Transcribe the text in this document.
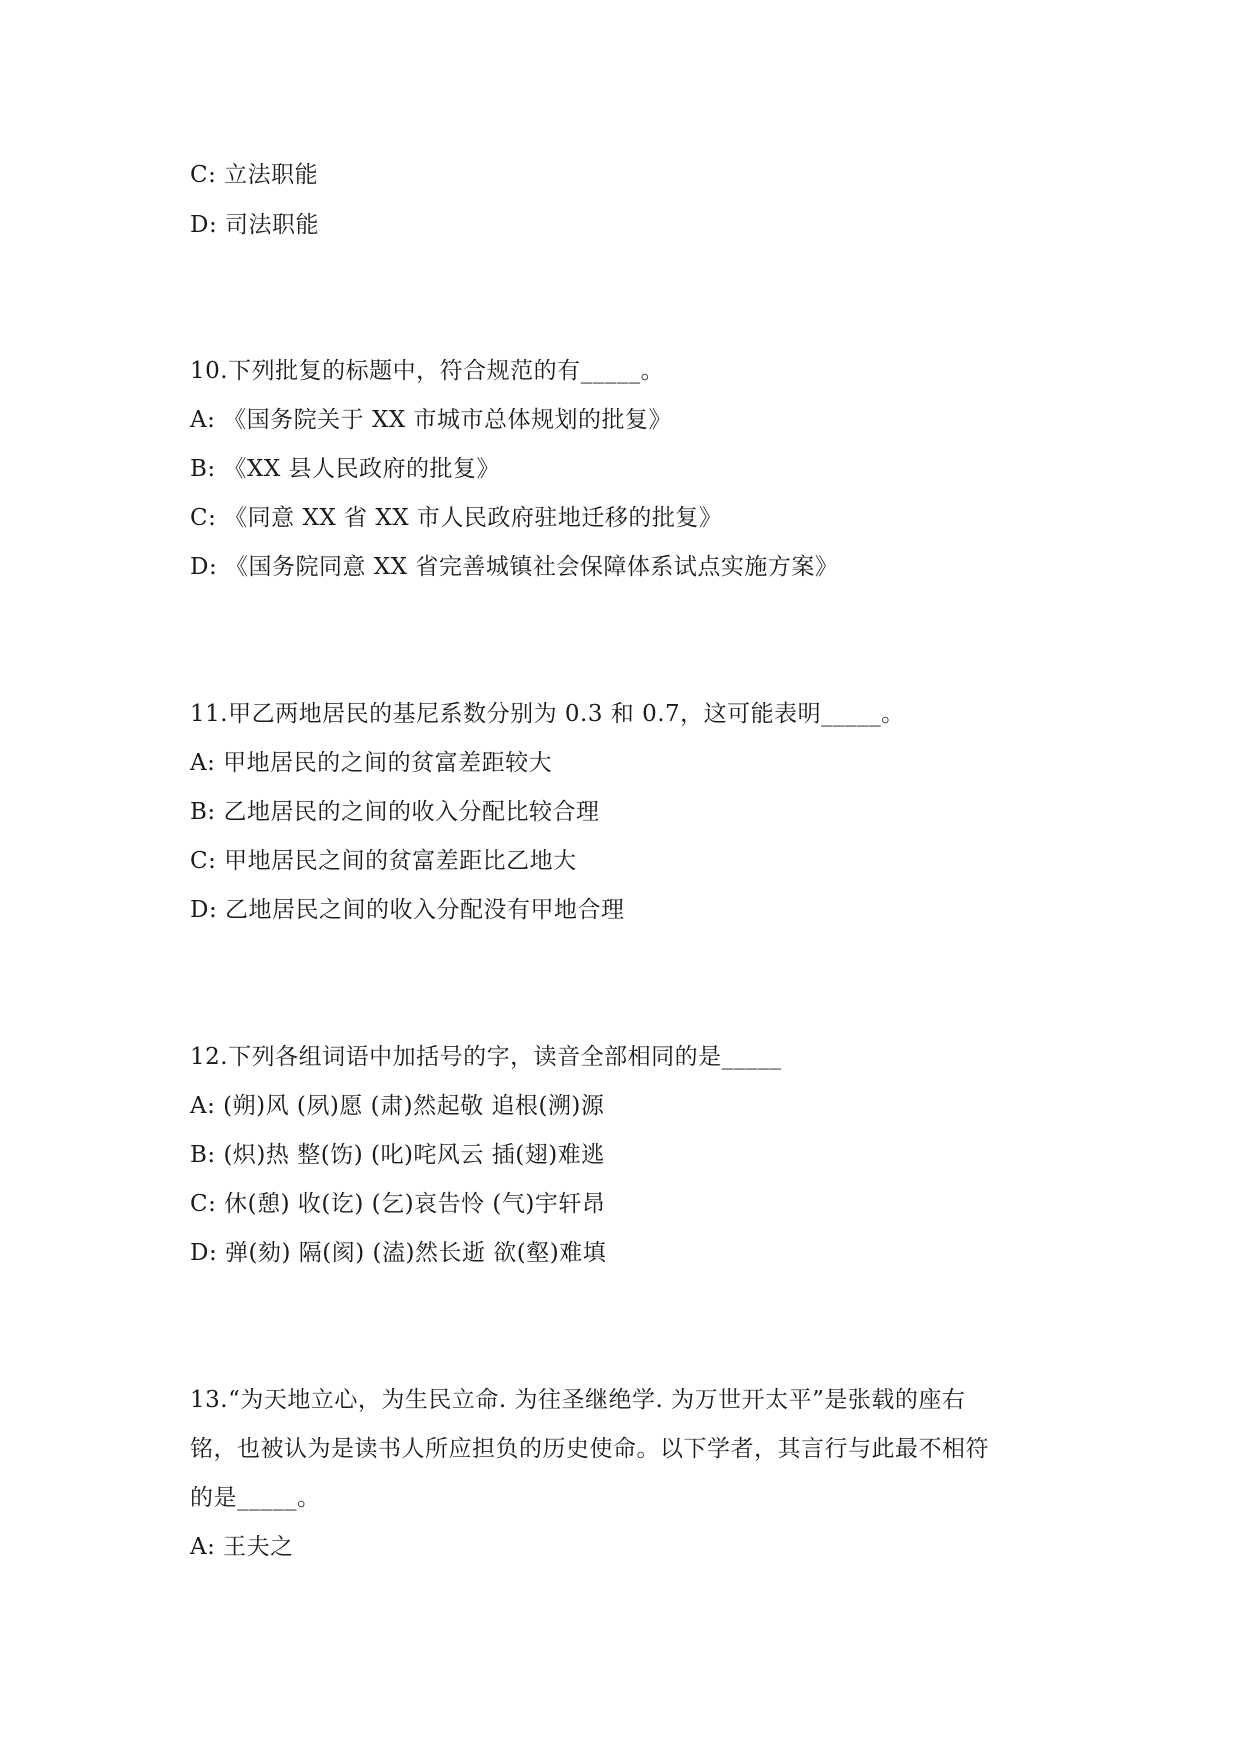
C: 立法职能
D: 司法职能
10.下列批复的标题中，符合规范的有_____。
A: 《国务院关于 XX 市城市总体规划的批复》
B: 《XX 县人民政府的批复》
C: 《同意 XX 省 XX 市人民政府驻地迁移的批复》
D: 《国务院同意 XX 省完善城镇社会保障体系试点实施方案》
11.甲乙两地居民的基尼系数分别为 0.3 和 0.7，这可能表明_____。
A: 甲地居民的之间的贫富差距较大
B: 乙地居民的之间的收入分配比较合理
C: 甲地居民之间的贫富差距比乙地大
D: 乙地居民之间的收入分配没有甲地合理
12.下列各组词语中加括号的字，读音全部相同的是_____
A: (朔)风 (夙)愿 (肃)然起敬 追根(溯)源
B: (炽)热 整(饬) (叱)咤风云 插(翅)难逃
C: 休(憩) 收(讫) (乞)哀告怜 (气)宇轩昂
D: 弹(劾) 隔(阂) (溘)然长逝 欲(壑)难填
13.“为天地立心，为生民立命. 为往圣继绝学. 为万世开太平”是张载的座右
铭，也被认为是读书人所应担负的历史使命。以下学者，其言行与此最不相符
的是_____。
A: 王夫之
